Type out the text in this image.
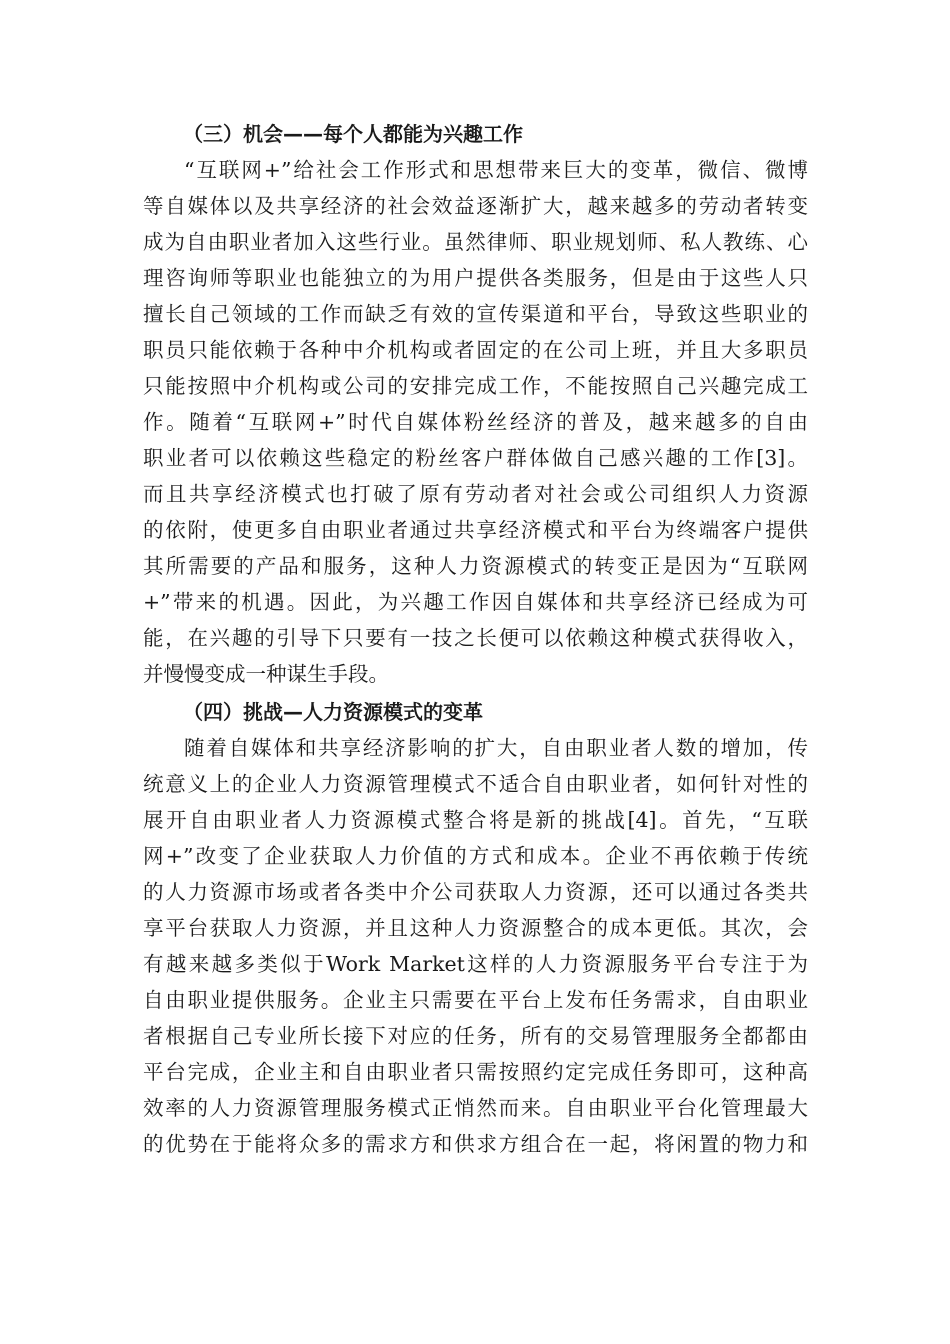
（三）机会——每个人都能为兴趣工作
“互联网+”给社会工作形式和思想带来巨大的变革，微信、微博
等自媒体以及共享经济的社会效益逐渐扩大，越来越多的劳动者转变
成为自由职业者加入这些行业。虽然律师、职业规划师、私人教练、心
理咨询师等职业也能独立的为用户提供各类服务，但是由于这些人只
擅长自己领域的工作而缺乏有效的宣传渠道和平台，导致这些职业的
职员只能依赖于各种中介机构或者固定的在公司上班，并且大多职员
只能按照中介机构或公司的安排完成工作，不能按照自己兴趣完成工
作。随着“互联网+”时代自媒体粉丝经济的普及，越来越多的自由
职业者可以依赖这些稳定的粉丝客户群体做自己感兴趣的工作[3]。
而且共享经济模式也打破了原有劳动者对社会或公司组织人力资源
的依附，使更多自由职业者通过共享经济模式和平台为终端客户提供
其所需要的产品和服务，这种人力资源模式的转变正是因为“互联网
+”带来的机遇。因此，为兴趣工作因自媒体和共享经济已经成为可
能，在兴趣的引导下只要有一技之长便可以依赖这种模式获得收入，
并慢慢变成一种谋生手段。
（四）挑战—人力资源模式的变革
随着自媒体和共享经济影响的扩大，自由职业者人数的增加，传
统意义上的企业人力资源管理模式不适合自由职业者，如何针对性的
展开自由职业者人力资源模式整合将是新的挑战[4]。首先，“互联
网+”改变了企业获取人力价值的方式和成本。企业不再依赖于传统
的人力资源市场或者各类中介公司获取人力资源，还可以通过各类共
享平台获取人力资源，并且这种人力资源整合的成本更低。其次，会
有越来越多类似于Work Market这样的人力资源服务平台专注于为
自由职业提供服务。企业主只需要在平台上发布任务需求，自由职业
者根据自己专业所长接下对应的任务，所有的交易管理服务全都都由
平台完成，企业主和自由职业者只需按照约定完成任务即可，这种高
效率的人力资源管理服务模式正悄然而来。自由职业平台化管理最大
的优势在于能将众多的需求方和供求方组合在一起，将闲置的物力和
